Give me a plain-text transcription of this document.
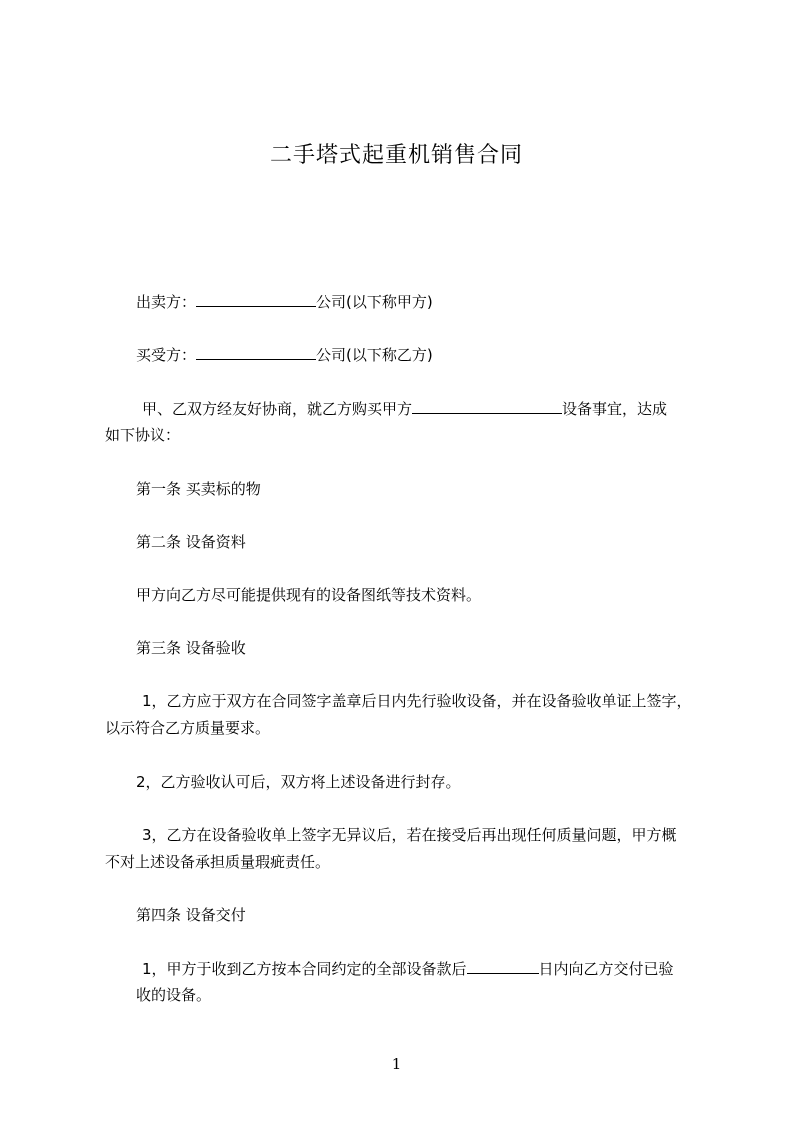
二手塔式起重机销售合同
出卖方：	公司(以下称甲方)
买受方：	公司(以下称乙方)
甲、乙双方经友好协商，就乙方购买甲方	设备事宜，达成
如下协议：
第一条 买卖标的物
第二条 设备资料
甲方向乙方尽可能提供现有的设备图纸等技术资料。
第三条 设备验收
1，乙方应于双方在合同签字盖章后日内先行验收设备，并在设备验收单证上签字，
以示符合乙方质量要求。
2，乙方验收认可后，双方将上述设备进行封存。
3，乙方在设备验收单上签字无异议后，若在接受后再出现任何质量问题，甲方概
不对上述设备承担质量瑕疵责任。
第四条 设备交付
1，甲方于收到乙方按本合同约定的全部设备款后	日内向乙方交付已验
收的设备。
1
